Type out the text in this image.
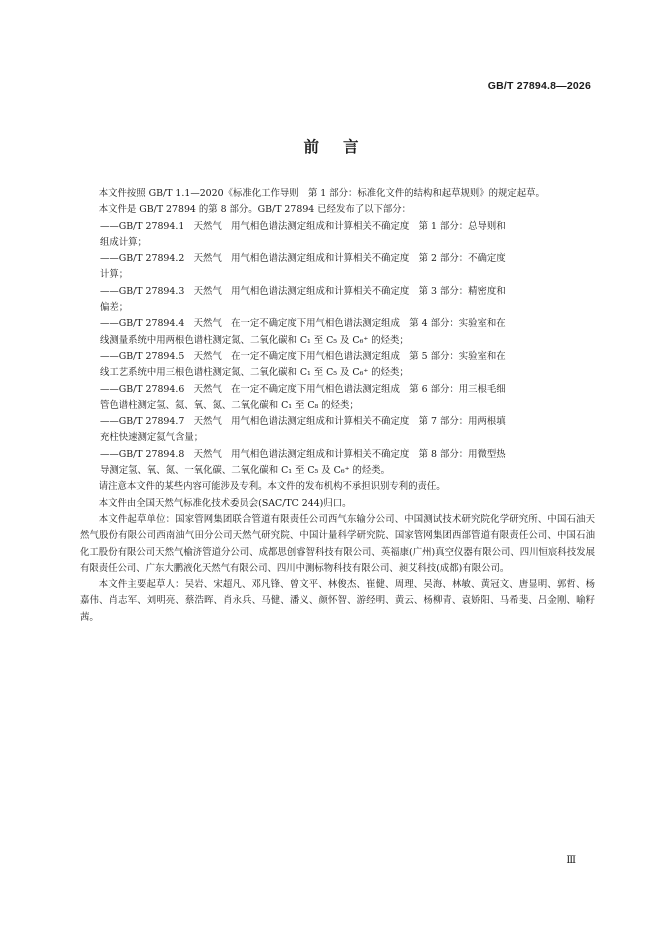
GB/T 27894.8—2026
前言

本文件按照 GB/T 1.1—2020《标准化工作导则　第 1 部分：标准化文件的结构和起草规则》的规定起草。

本文件是 GB/T 27894 的第 8 部分。GB/T 27894 已经发布了以下部分：

——GB/T 27894.1　天然气　用气相色谱法测定组成和计算相关不确定度　第 1 部分：总导则和
组成计算；

——GB/T 27894.2　天然气　用气相色谱法测定组成和计算相关不确定度　第 2 部分：不确定度
计算；

——GB/T 27894.3　天然气　用气相色谱法测定组成和计算相关不确定度　第 3 部分：精密度和
偏差；

——GB/T 27894.4　天然气　在一定不确定度下用气相色谱法测定组成　第 4 部分：实验室和在
线测量系统中用两根色谱柱测定氮、二氧化碳和 C₁ 至 C₅ 及 C₆⁺ 的烃类；

——GB/T 27894.5　天然气　在一定不确定度下用气相色谱法测定组成　第 5 部分：实验室和在
线工艺系统中用三根色谱柱测定氮、二氧化碳和 C₁ 至 C₅ 及 C₆⁺ 的烃类；

——GB/T 27894.6　天然气　在一定不确定度下用气相色谱法测定组成　第 6 部分：用三根毛细
管色谱柱测定氢、氦、氧、氮、二氧化碳和 C₁ 至 C₈ 的烃类；

——GB/T 27894.7　天然气　用气相色谱法测定组成和计算相关不确定度　第 7 部分：用两根填
充柱快速测定氦气含量；

——GB/T 27894.8　天然气　用气相色谱法测定组成和计算相关不确定度　第 8 部分：用微型热
导测定氢、氧、氮、一氧化碳、二氧化碳和 C₁ 至 C₅ 及 C₆⁺ 的烃类。

请注意本文件的某些内容可能涉及专利。本文件的发布机构不承担识别专利的责任。

本文件由全国天然气标准化技术委员会(SAC/TC 244)归口。

本文件起草单位：国家管网集团联合管道有限责任公司西气东输分公司、中国测试技术研究院化学研究所、中国石油天然气股份有限公司西南油气田分公司天然气研究院、中国计量科学研究院、国家管网集团西部管道有限责任公司、中国石油化工股份有限公司天然气榆济管道分公司、成都思创睿智科技有限公司、英福康(广州)真空仪器有限公司、四川恒宸科技发展有限责任公司、广东大鹏液化天然气有限公司、四川中测标物科技有限公司、昶艾科技(成都)有限公司。

本文件主要起草人：吴岩、宋超凡、邓凡锋、曾文平、林俊杰、崔健、周理、吴海、林敏、黄冠文、唐显明、郭哲、杨嘉伟、肖志军、刘明亮、蔡浩晖、肖永兵、马健、潘义、颜怀智、游经明、黄云、杨柳青、袁娇阳、马希斐、吕金刚、喻籽茜。

Ⅲ
